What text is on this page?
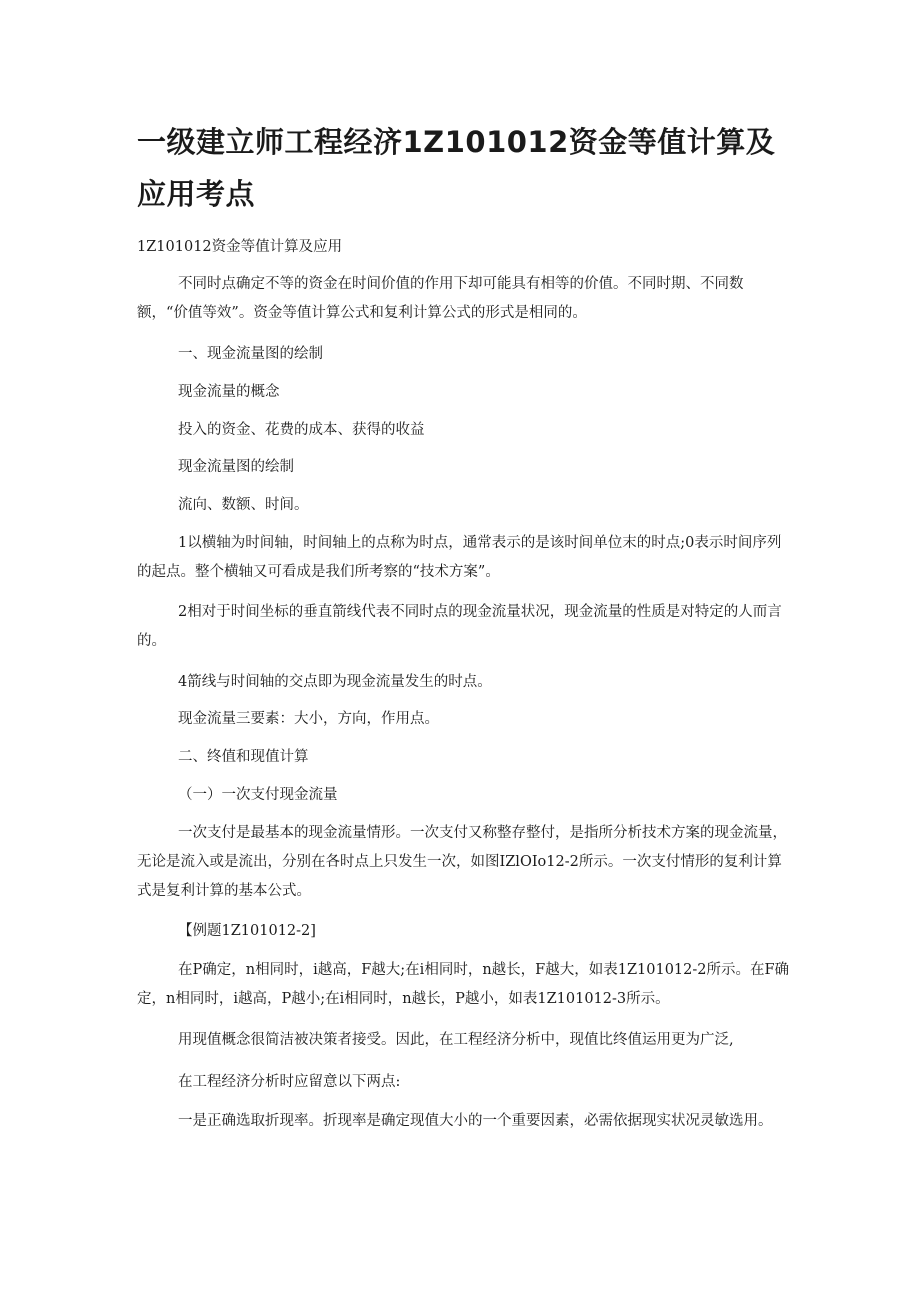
一级建立师工程经济1Z101012资金等值计算及应用考点

1Z101012资金等值计算及应用

不同时点确定不等的资金在时间价值的作用下却可能具有相等的价值。不同时期、不同数额，“价值等效”。资金等值计算公式和复利计算公式的形式是相同的。

一、现金流量图的绘制

现金流量的概念

投入的资金、花费的成本、获得的收益

现金流量图的绘制

流向、数额、时间。

1以横轴为时间轴，时间轴上的点称为时点，通常表示的是该时间单位末的时点;0表示时间序列的起点。整个横轴又可看成是我们所考察的“技术方案”。

2相对于时间坐标的垂直箭线代表不同时点的现金流量状况，现金流量的性质是对特定的人而言的。

4箭线与时间轴的交点即为现金流量发生的时点。

现金流量三要素：大小，方向，作用点。

二、终值和现值计算

（一）一次支付现金流量

一次支付是最基本的现金流量情形。一次支付又称整存整付，是指所分析技术方案的现金流量，无论是流入或是流出，分别在各时点上只发生一次，如图IZlOIo12-2所示。一次支付情形的复利计算式是复利计算的基本公式。

【例题1Z101012-2]

在P确定，n相同时，i越高，F越大;在i相同时，n越长，F越大，如表1Z101012-2所示。在F确定，n相同时，i越高，P越小;在i相同时，n越长，P越小，如表1Z101012-3所示。

用现值概念很简洁被决策者接受。因此，在工程经济分析中，现值比终值运用更为广泛,

在工程经济分析时应留意以下两点:

一是正确选取折现率。折现率是确定现值大小的一个重要因素，必需依据现实状况灵敏选用。
